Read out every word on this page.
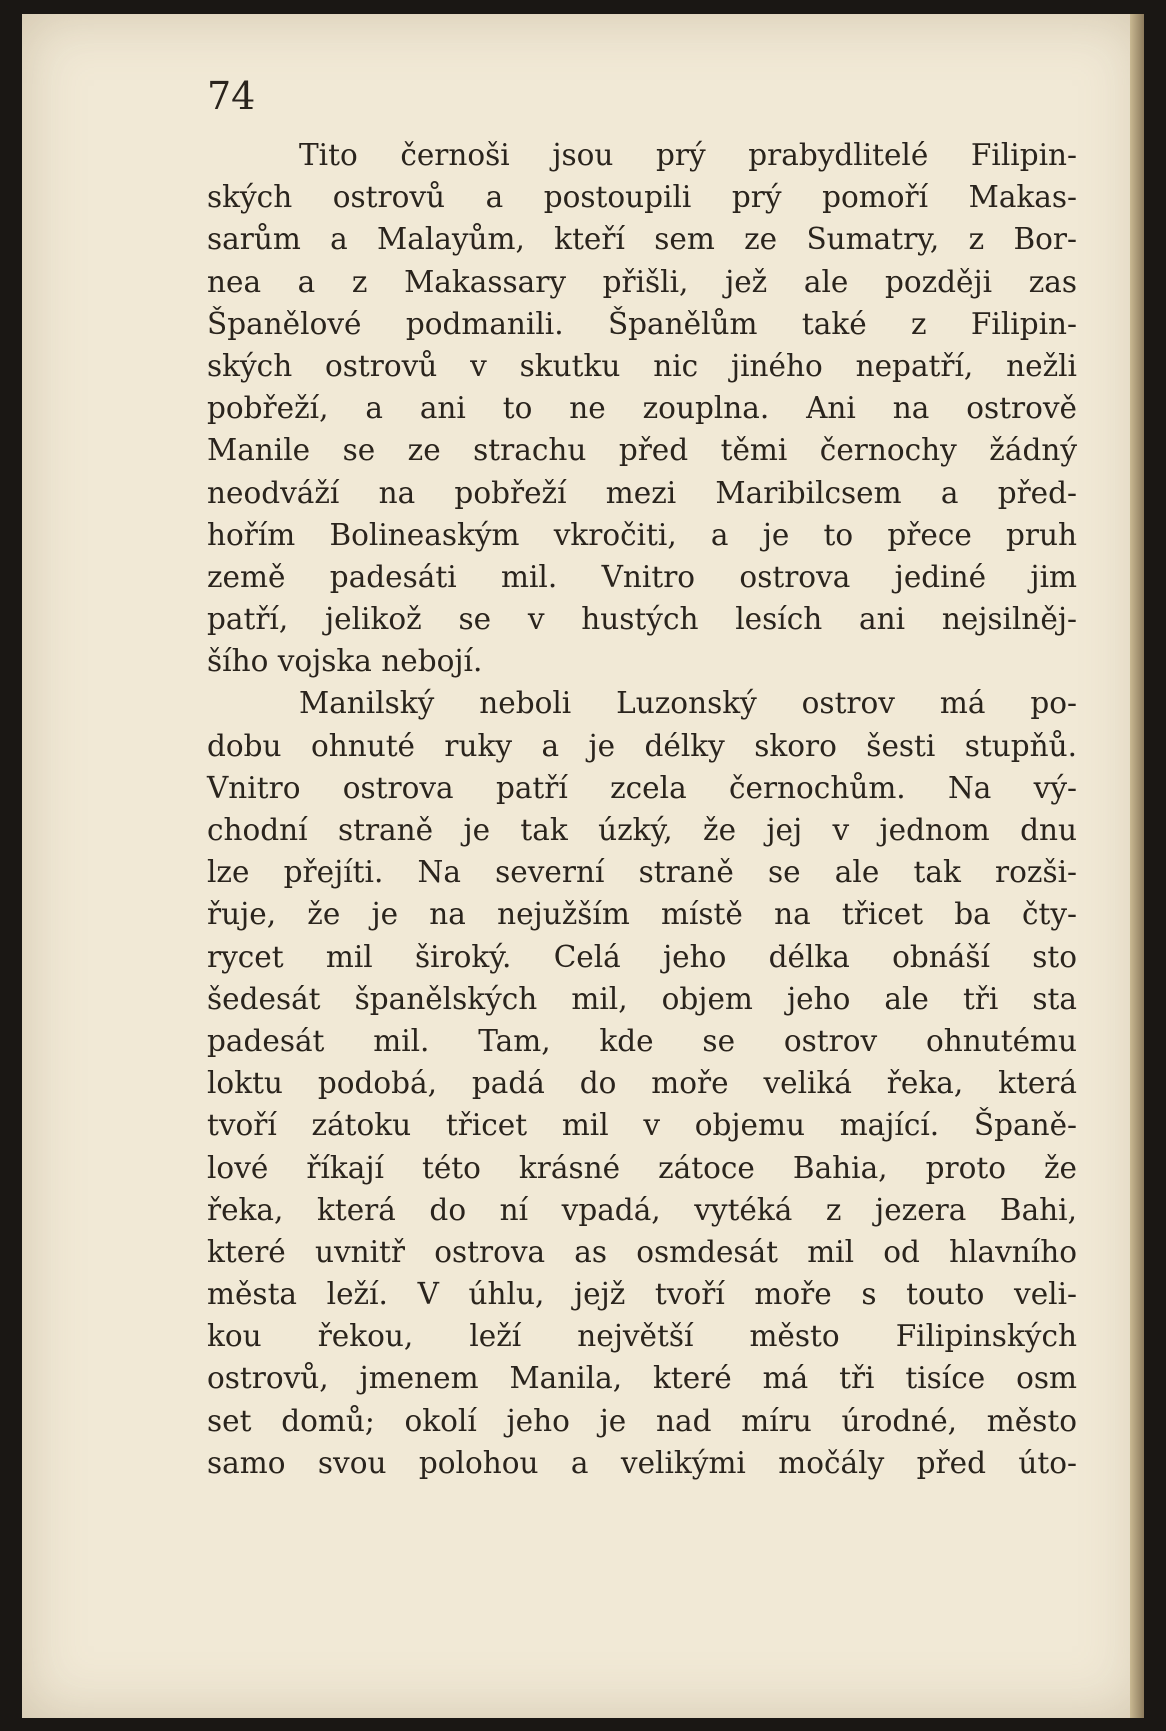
74
Tito černoši jsou prý prabydlitelé Filipin-
ských ostrovů a postoupili prý pomoří Makas-
sarům a Malayům, kteří sem ze Sumatry, z Bor-
nea a z Makassary přišli, jež ale později zas
Španělové podmanili. Španělům také z Filipin-
ských ostrovů v skutku nic jiného nepatří, nežli
pobřeží, a ani to ne zouplna. Ani na ostrově
Manile se ze strachu před těmi černochy žádný
neodváží na pobřeží mezi Maribilcsem a před-
hořím Bolineaským vkročiti, a je to přece pruh
země padesáti mil. Vnitro ostrova jediné jim
patří, jelikož se v hustých lesích ani nejsilněj-
šího vojska nebojí.
Manilský neboli Luzonský ostrov má po-
dobu ohnuté ruky a je délky skoro šesti stupňů.
Vnitro ostrova patří zcela černochům. Na vý-
chodní straně je tak úzký, že jej v jednom dnu
lze přejíti. Na severní straně se ale tak rozši-
řuje, že je na nejužším místě na třicet ba čty-
rycet mil široký. Celá jeho délka obnáší sto
šedesát španělských mil, objem jeho ale tři sta
padesát mil. Tam, kde se ostrov ohnutému
loktu podobá, padá do moře veliká řeka, která
tvoří zátoku třicet mil v objemu mající. Španě-
lové říkají této krásné zátoce Bahia, proto že
řeka, která do ní vpadá, vytéká z jezera Bahi,
které uvnitř ostrova as osmdesát mil od hlavního
města leží. V úhlu, jejž tvoří moře s touto veli-
kou řekou, leží největší město Filipinských
ostrovů, jmenem Manila, které má tři tisíce osm
set domů; okolí jeho je nad míru úrodné, město
samo svou polohou a velikými močály před úto-
